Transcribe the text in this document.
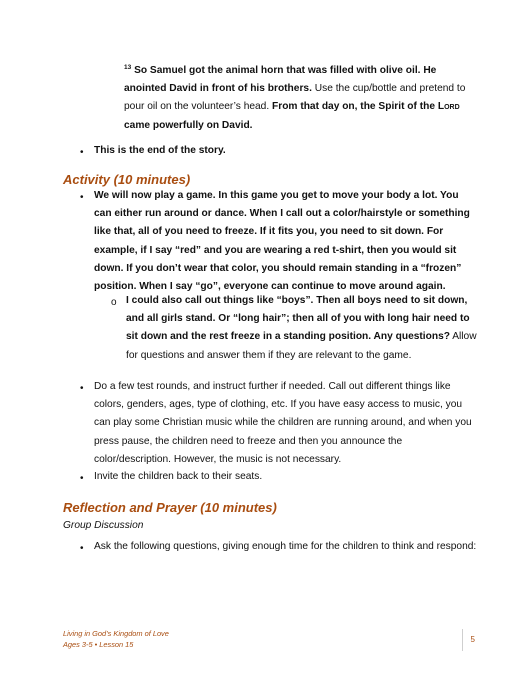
$^{13}$ So Samuel got the animal horn that was filled with olive oil. He anointed David in front of his brothers. Use the cup/bottle and pretend to pour oil on the volunteer’s head. From that day on, the Spirit of the Lord came powerfully on David.
• This is the end of the story.
Activity (10 minutes)
• We will now play a game. In this game you get to move your body a lot. You can either run around or dance. When I call out a color/hairstyle or something like that, all of you need to freeze. If it fits you, you need to sit down. For example, if I say “red” and you are wearing a red t-shirt, then you would sit down. If you don’t wear that color, you should remain standing in a “frozen” position. When I say “go”, everyone can continue to move around again.
o I could also call out things like “boys”. Then all boys need to sit down, and all girls stand. Or “long hair”; then all of you with long hair need to sit down and the rest freeze in a standing position. Any questions? Allow for questions and answer them if they are relevant to the game.
• Do a few test rounds, and instruct further if needed. Call out different things like colors, genders, ages, type of clothing, etc. If you have easy access to music, you can play some Christian music while the children are running around, and when you press pause, the children need to freeze and then you announce the color/description. However, the music is not necessary.
• Invite the children back to their seats.
Reflection and Prayer (10 minutes)
Group Discussion
• Ask the following questions, giving enough time for the children to think and respond:
Living in God’s Kingdom of Love
Ages 3-5 • Lesson 15	5
